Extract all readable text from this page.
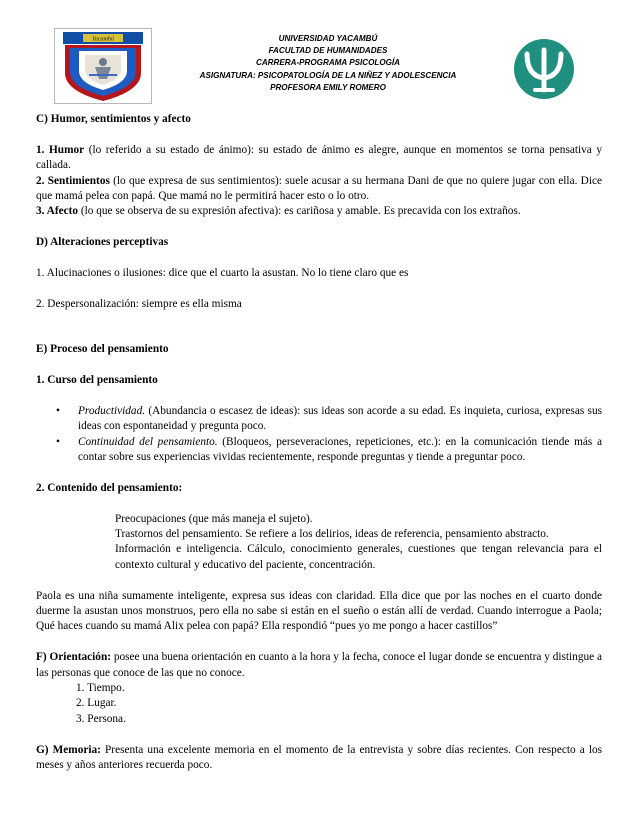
Yacambú	UNIVERSIDAD YACAMBÚ
FACULTAD DE HUMANIDADES
CARRERA-PROGRAMA PSICOLOGÍA
ASIGNATURA: PSICOPATOLOGÍA DE LA NIÑEZ Y ADOLESCENCIA
PROFESORA EMILY ROMERO

C) Humor, sentimientos y afecto

1. Humor (lo referido a su estado de ánimo): su estado de ánimo es alegre, aunque en momentos se torna pensativa y callada.

2. Sentimientos (lo que expresa de sus sentimientos): suele acusar a su hermana Dani de que no quiere jugar con ella. Dice que mamá pelea con papá. Que mamá no le permitirá hacer esto o lo otro.

3. Afecto (lo que se observa de su expresión afectiva): es cariñosa y amable. Es precavida con los extraños.

D) Alteraciones perceptivas

1. Alucinaciones o ilusiones: dice que el cuarto la asustan. No lo tiene claro que es

2. Despersonalización: siempre es ella misma

E) Proceso del pensamiento

1. Curso del pensamiento

• Productividad. (Abundancia o escasez de ideas): sus ideas son acorde a su edad. Es inquieta, curiosa, expresas sus ideas con espontaneidad y pregunta poco.
• Continuidad del pensamiento. (Bloqueos, perseveraciones, repeticiones, etc.): en la comunicación tiende más a contar sobre sus experiencias vividas recientemente, responde preguntas y tiende a preguntar poco.

2. Contenido del pensamiento:

Preocupaciones (que más maneja el sujeto).

Trastornos del pensamiento. Se refiere a los delirios, ideas de referencia, pensamiento abstracto.

Información e inteligencia. Cálculo, conocimiento generales, cuestiones que tengan relevancia para el contexto cultural y educativo del paciente, concentración.

Paola es una niña sumamente inteligente, expresa sus ideas con claridad. Ella dice que por las noches en el cuarto donde duerme la asustan unos monstruos, pero ella no sabe si están en el sueño o están allí de verdad. Cuando interrogue a Paola; Qué haces cuando su mamá Alix pelea con papá? Ella respondió “pues yo me pongo a hacer castillos”

F) Orientación: posee una buena orientación en cuanto a la hora y la fecha, conoce el lugar donde se encuentra y distingue a las personas que conoce de las que no conoce.

1. Tiempo.

2. Lugar.

3. Persona.

G) Memoria: Presenta una excelente memoria en el momento de la entrevista y sobre días recientes. Con respecto a los meses y años anteriores recuerda poco.
